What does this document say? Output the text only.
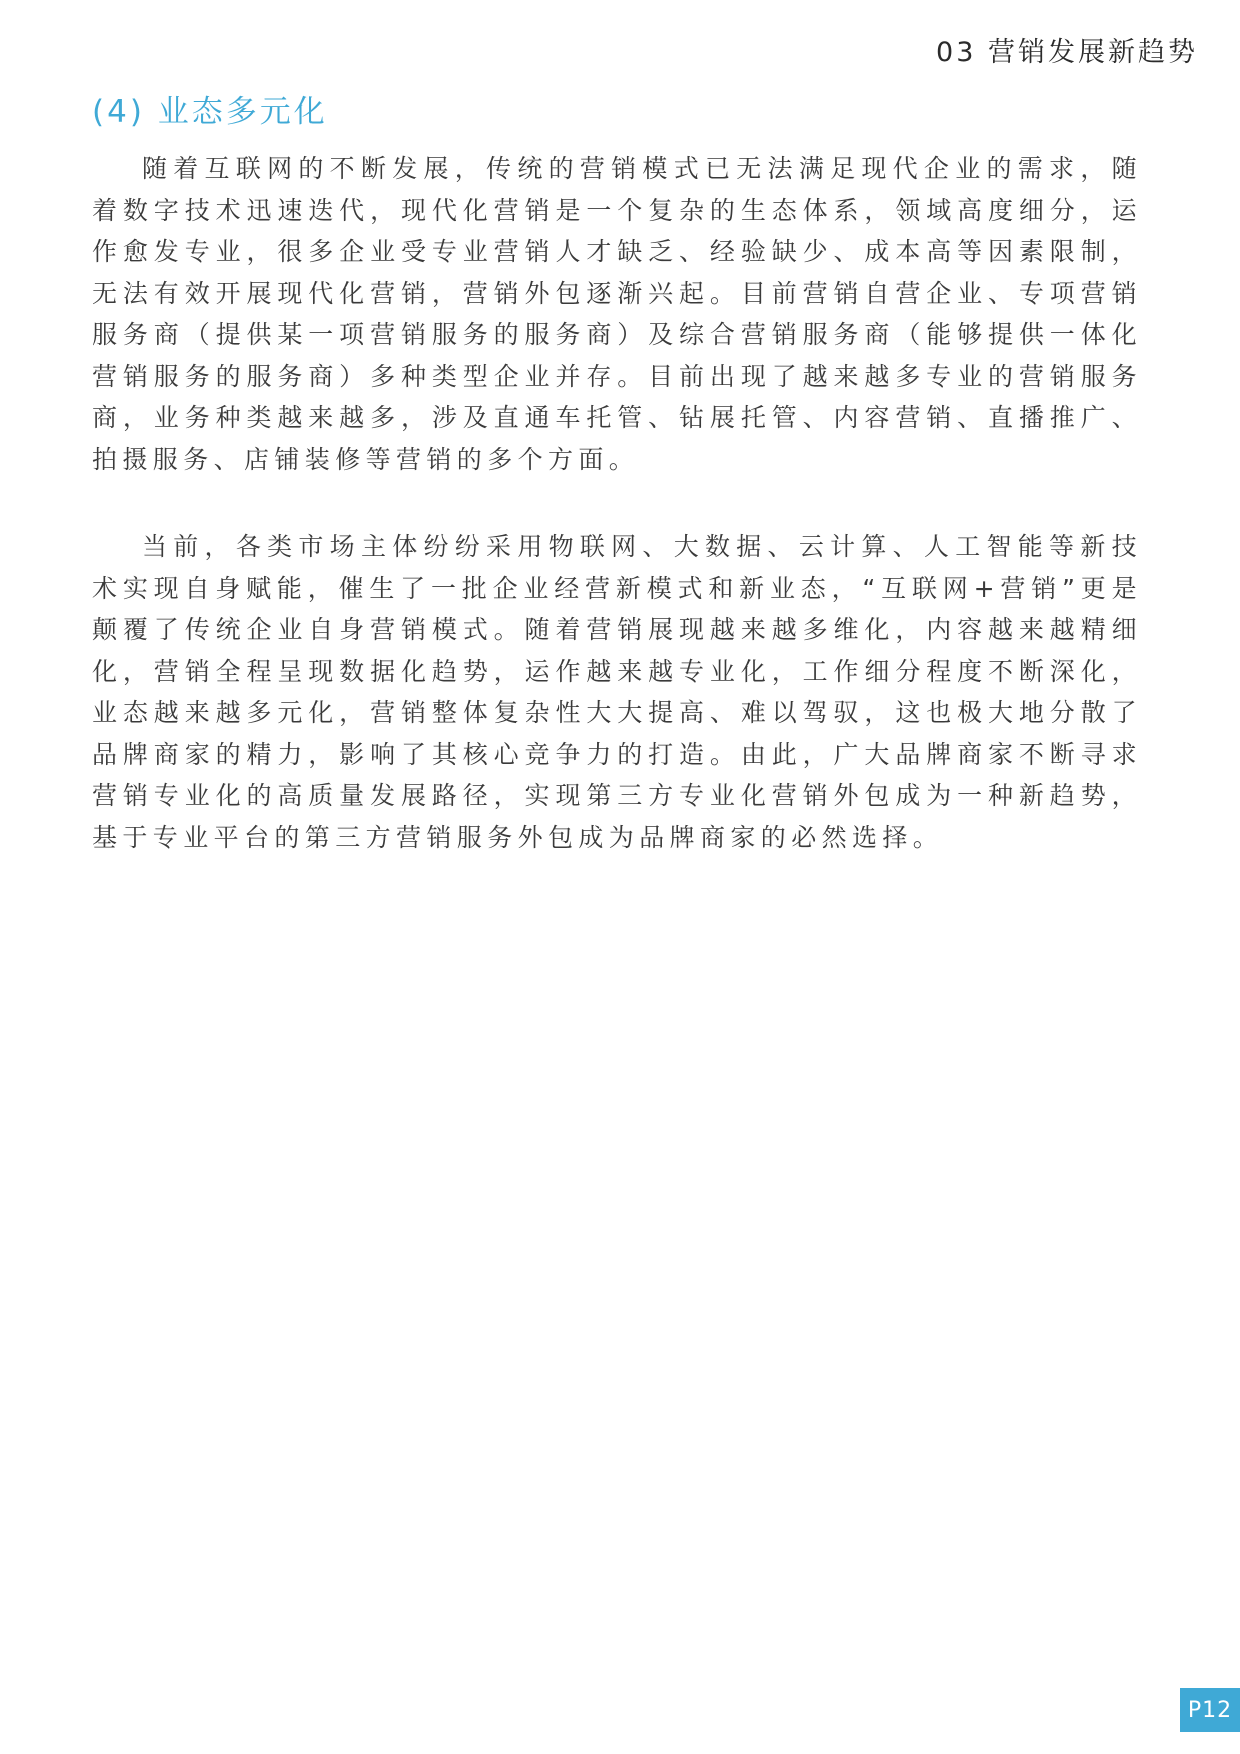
03 营销发展新趋势
(4) 业态多元化

随着互联网的不断发展，传统的营销模式已无法满足现代企业的需求，随着数字技术迅速迭代，现代化营销是一个复杂的生态体系，领域高度细分，运作愈发专业，很多企业受专业营销人才缺乏、经验缺少、成本高等因素限制，无法有效开展现代化营销，营销外包逐渐兴起。目前营销自营企业、专项营销服务商（提供某一项营销服务的服务商）及综合营销服务商（能够提供一体化营销服务的服务商）多种类型企业并存。目前出现了越来越多专业的营销服务商，业务种类越来越多，涉及直通车托管、钻展托管、内容营销、直播推广、拍摄服务、店铺装修等营销的多个方面。

当前，各类市场主体纷纷采用物联网、大数据、云计算、人工智能等新技术实现自身赋能，催生了一批企业经营新模式和新业态，“互联网+营销”更是颠覆了传统企业自身营销模式。随着营销展现越来越多维化，内容越来越精细化，营销全程呈现数据化趋势，运作越来越专业化，工作细分程度不断深化，业态越来越多元化，营销整体复杂性大大提高、难以驾驭，这也极大地分散了品牌商家的精力，影响了其核心竞争力的打造。由此，广大品牌商家不断寻求营销专业化的高质量发展路径，实现第三方专业化营销外包成为一种新趋势，基于专业平台的第三方营销服务外包成为品牌商家的必然选择。

P12
